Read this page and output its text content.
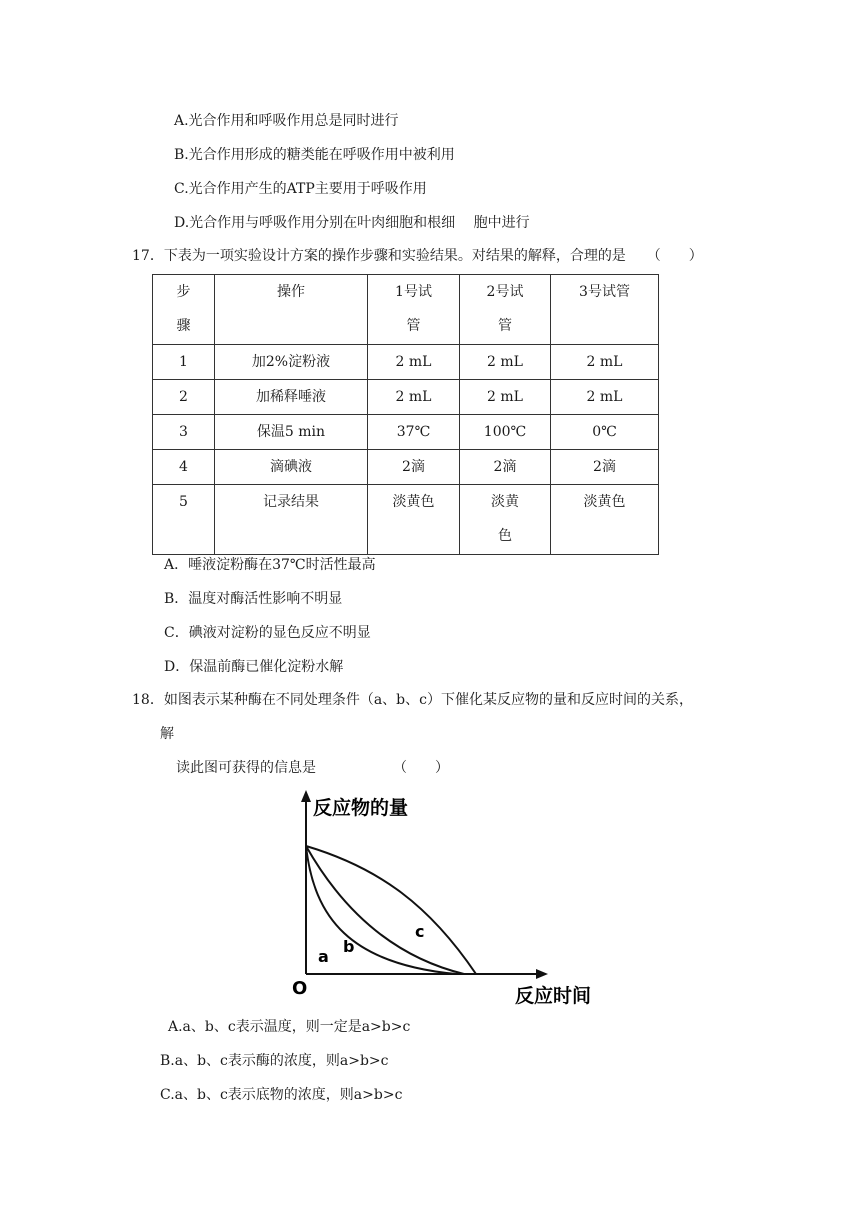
A.光合作用和呼吸作用总是同时进行
B.光合作用形成的糖类能在呼吸作用中被利用
C.光合作用产生的ATP主要用于呼吸作用
D.光合作用与呼吸作用分别在叶肉细胞和根细　 胞中进行
17．下表为一项实验设计方案的操作步骤和实验结果。对结果的解释，合理的是　　（　　）
步骤	操作	1号试管	2号试管	3号试管
1	加2%淀粉液	2 mL	2 mL	2 mL
2	加稀释唾液	2 mL	2 mL	2 mL
3	保温5 min	37℃	100℃	0℃
4	滴碘液	2滴	2滴	2滴
5	记录结果	淡黄色	淡黄色	淡黄色
A．唾液淀粉酶在37℃时活性最高
B．温度对酶活性影响不明显
C．碘液对淀粉的显色反应不明显
D．保温前酶已催化淀粉水解
18．如图表示某种酶在不同处理条件（a、b、c）下催化某反应物的量和反应时间的关系，
解
读此图可获得的信息是　　　　　　（　　）
反应物的量
反应时间
O
a
b
c
A.a、b、c表示温度，则一定是a>b>c
B.a、b、c表示酶的浓度，则a>b>c
C.a、b、c表示底物的浓度，则a>b>c
